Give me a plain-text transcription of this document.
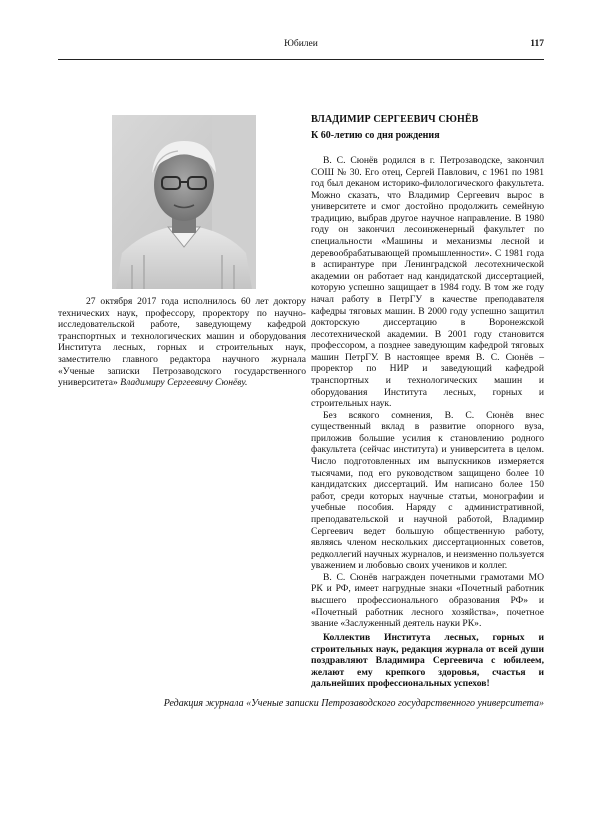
Юбилеи	117

27 октября 2017 года исполнилось 60 лет доктору технических наук, профессору, проректору по научно-исследовательской работе, заведующему кафедрой транспортных и технологических машин и оборудования Института лесных, горных и строительных наук, заместителю главного редактора научного журнала «Ученые записки Петрозаводского государственного университета» Владимиру Сергеевичу Сюнёву.

ВЛАДИМИР СЕРГЕЕВИЧ СЮНЁВ
К 60-летию со дня рождения

В. С. Сюнёв родился в г. Петрозаводске, закончил СОШ № 30. Его отец, Сергей Павлович, с 1961 по 1981 год был деканом историко-филологического факультета. Можно сказать, что Владимир Сергеевич вырос в университете и смог достойно продолжить семейную традицию, выбрав другое научное направление. В 1980 году он закончил лесоинженерный факультет по специальности «Машины и механизмы лесной и деревообрабатывающей промышленности». С 1981 года в аспирантуре при Ленинградской лесотехнической академии он работает над кандидатской диссертацией, которую успешно защищает в 1984 году. В том же году начал работу в ПетрГУ в качестве преподавателя кафедры тяговых машин. В 2000 году успешно защитил докторскую диссертацию в Воронежской лесотехнической академии. В 2001 году становится профессором, а позднее заведующим кафедрой тяговых машин ПетрГУ. В настоящее время В. С. Сюнёв – проректор по НИР и заведующий кафедрой транспортных и технологических машин и оборудования Института лесных, горных и строительных наук.

Без всякого сомнения, В. С. Сюнёв внес существенный вклад в развитие опорного вуза, приложив большие усилия к становлению родного факультета (сейчас института) и университета в целом. Число подготовленных им выпускников измеряется тысячами, под его руководством защищено более 10 кандидатских диссертаций. Им написано более 150 работ, среди которых научные статьи, монографии и учебные пособия. Наряду с административной, преподавательской и научной работой, Владимир Сергеевич ведет большую общественную работу, являясь членом нескольких диссертационных советов, редколлегий научных журналов, и неизменно пользуется уважением и любовью своих учеников и коллег.

В. С. Сюнёв награжден почетными грамотами МО РК и РФ, имеет нагрудные знаки «Почетный работник высшего профессионального образования РФ» и «Почетный работник лесного хозяйства», почетное звание «Заслуженный деятель науки РК».

Коллектив Института лесных, горных и строительных наук, редакция журнала от всей души поздравляют Владимира Сергеевича с юбилеем, желают ему крепкого здоровья, счастья и дальнейших профессиональных успехов!

Редакция журнала «Ученые записки Петрозаводского государственного университета»
